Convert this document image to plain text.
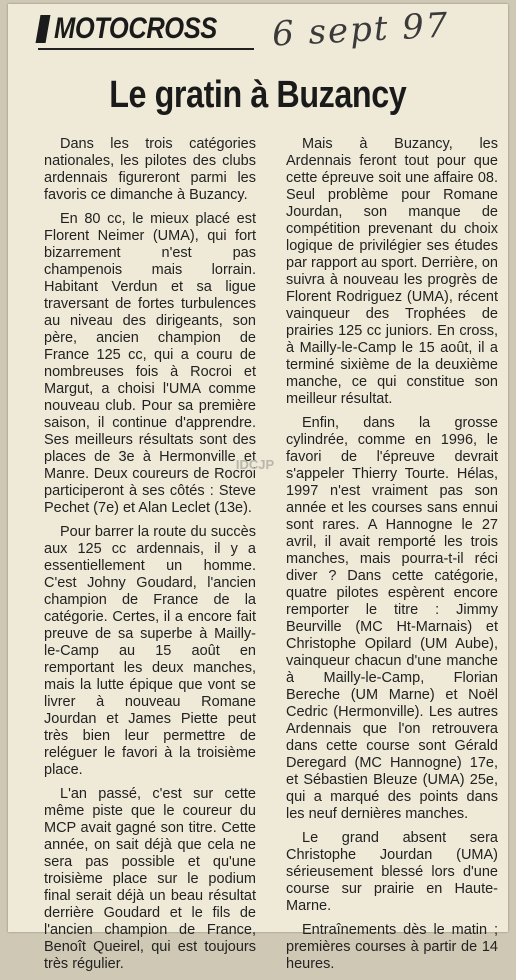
MOTOCROSS 6 sept 97
Le gratin à Buzancy

Dans les trois catégories nationales, les pilotes des clubs ardennais figureront parmi les favoris ce dimanche à Buzancy.

En 80 cc, le mieux placé est Florent Neimer (UMA), qui fort bizarrement n'est pas champenois mais lorrain. Habitant Verdun et sa ligue traversant de fortes turbulences au niveau des dirigeants, son père, ancien champion de France 125 cc, qui a couru de nombreuses fois à Rocroi et Margut, a choisi l'UMA comme nouveau club. Pour sa première saison, il continue d'apprendre. Ses meilleurs résultats sont des places de 3e à Hermonville et Manre. Deux coureurs de Rocroi participeront à ses côtés : Steve Pechet (7e) et Alan Leclet (13e).

Pour barrer la route du succès aux 125 cc ardennais, il y a essentiellement un homme. C'est Johny Goudard, l'ancien champion de France de la catégorie. Certes, il a encore fait preuve de sa superbe à Mailly-le-Camp au 15 août en remportant les deux manches, mais la lutte épique que vont se livrer à nouveau Romane Jourdan et James Piette peut très bien leur permettre de reléguer le favori à la troisième place.

L'an passé, c'est sur cette même piste que le coureur du MCP avait gagné son titre. Cette année, on sait déjà que cela ne sera pas possible et qu'une troisième place sur le podium final serait déjà un beau résultat derrière Goudard et le fils de l'ancien champion de France, Benoît Queirel, qui est toujours très régulier.

Mais à Buzancy, les Ardennais feront tout pour que cette épreuve soit une affaire 08. Seul problème pour Romane Jourdan, son manque de compétition prevenant du choix logique de privilégier ses études par rapport au sport. Derrière, on suivra à nouveau les progrès de Florent Rodriguez (UMA), récent vainqueur des Trophées de prairies 125 cc juniors. En cross, à Mailly-le-Camp le 15 août, il a terminé sixième de la deuxième manche, ce qui constitue son meilleur résultat.

Enfin, dans la grosse cylindrée, comme en 1996, le favori de l'épreuve devrait s'appeler Thierry Tourte. Hélas, 1997 n'est vraiment pas son année et les courses sans ennui sont rares. A Hannogne le 27 avril, il avait remporté les trois manches, mais pourra-t-il réci diver ? Dans cette catégorie, quatre pilotes espèrent encore remporter le titre : Jimmy Beurville (MC Ht-Marnais) et Christophe Opilard (UM Aube), vainqueur chacun d'une manche à Mailly-le-Camp, Florian Bereche (UM Marne) et Noël Cedric (Hermonville). Les autres Ardennais que l'on retrouvera dans cette course sont Gérald Deregard (MC Hannogne) 17e, et Sébastien Bleuze (UMA) 25e, qui a marqué des points dans les neuf dernières manches.

Le grand absent sera Christophe Jourdan (UMA) sérieusement blessé lors d'une course sur prairie en Haute-Marne.

Entraînements dès le matin ; premières courses à partir de 14 heures.

IDCJP
